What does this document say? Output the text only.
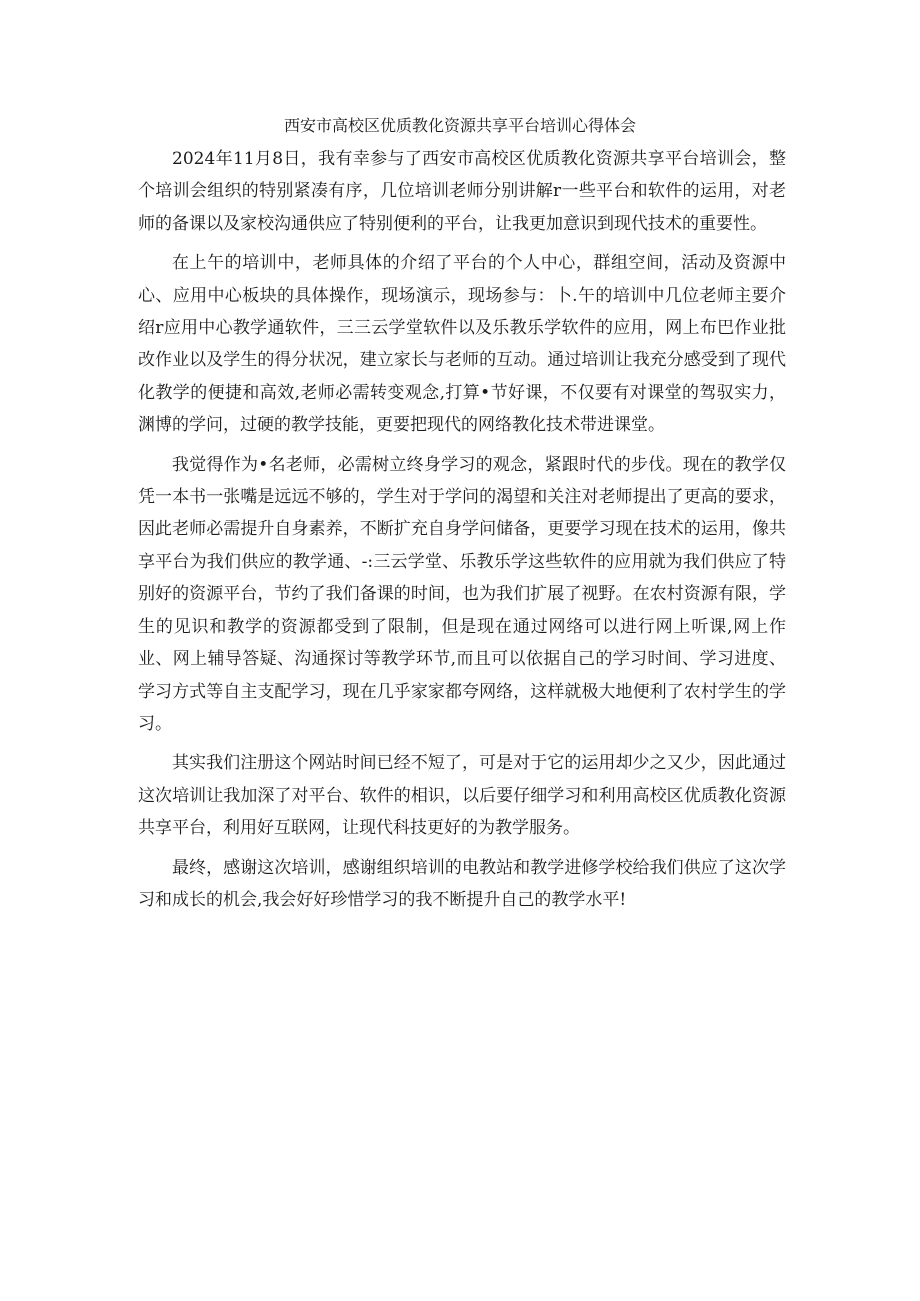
西安市高校区优质教化资源共享平台培训心得体会

2024年11月8日，我有幸参与了西安市高校区优质教化资源共享平台培训会，整个培训会组织的特别紧凑有序，几位培训老师分别讲解r一些平台和软件的运用，对老师的备课以及家校沟通供应了特别便利的平台，让我更加意识到现代技术的重要性。

在上午的培训中，老师具体的介绍了平台的个人中心，群组空间，活动及资源中心、应用中心板块的具体操作，现场演示，现场参与：卜.午的培训中几位老师主要介绍r应用中心教学通软件，三三云学堂软件以及乐教乐学软件的应用，网上布巴作业批改作业以及学生的得分状况，建立家长与老师的互动。通过培训让我充分感受到了现代化教学的便捷和高效,老师必需转变观念,打算•节好课，不仅要有对课堂的驾驭实力，渊博的学问，过硬的教学技能，更要把现代的网络教化技术带进课堂。

我觉得作为•名老师，必需树立终身学习的观念，紧跟时代的步伐。现在的教学仅凭一本书一张嘴是远远不够的，学生对于学问的渴望和关注对老师提出了更高的要求，因此老师必需提升自身素养，不断扩充自身学问储备，更要学习现在技术的运用，像共享平台为我们供应的教学通、-:三云学堂、乐教乐学这些软件的应用就为我们供应了特别好的资源平台，节约了我们备课的时间，也为我们扩展了视野。在农村资源有限，学生的见识和教学的资源都受到了限制，但是现在通过网络可以进行网上听课,网上作业、网上辅导答疑、沟通探讨等教学环节,而且可以依据自己的学习时间、学习进度、学习方式等自主支配学习，现在几乎家家都夸网络，这样就极大地便利了农村学生的学习。

其实我们注册这个网站时间已经不短了，可是对于它的运用却少之又少，因此通过这次培训让我加深了对平台、软件的相识，以后要仔细学习和利用高校区优质教化资源共享平台，利用好互联网，让现代科技更好的为教学服务。

最终，感谢这次培训，感谢组织培训的电教站和教学进修学校给我们供应了这次学习和成长的机会,我会好好珍惜学习的我不断提升自己的教学水平!
